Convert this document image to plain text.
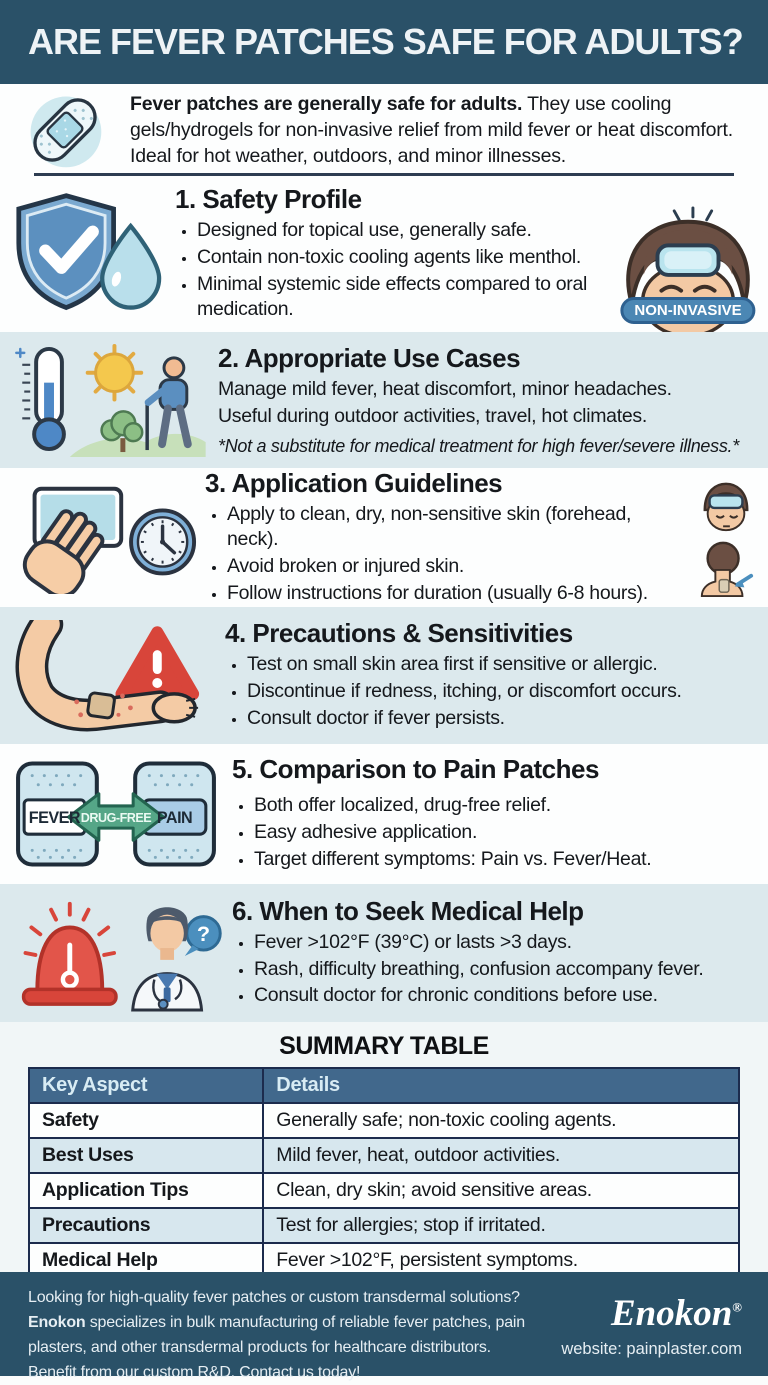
ARE FEVER PATCHES SAFE FOR ADULTS?
Fever patches are generally safe for adults. They use cooling gels/hydrogels for non-invasive relief from mild fever or heat discomfort. Ideal for hot weather, outdoors, and minor illnesses.
1. Safety Profile
• Designed for topical use, generally safe.
• Contain non-toxic cooling agents like menthol.
• Minimal systemic side effects compared to oral medication.	NON-INVASIVE
2. Appropriate Use Cases

Manage mild fever, heat discomfort, minor headaches.

Useful during outdoor activities, travel, hot climates.

*Not a substitute for medical treatment for high fever/severe illness.*

3. Application Guidelines
• Apply to clean, dry, non-sensitive skin (forehead, neck).
• Avoid broken or injured skin.
• Follow instructions for duration (usually 6-8 hours).
4. Precautions & Sensitivities
• Test on small skin area first if sensitive or allergic.
• Discontinue if redness, itching, or discomfort occurs.
• Consult doctor if fever persists.
FEVER DRUG-FREE PAIN
5. Comparison to Pain Patches
• Both offer localized, drug-free relief.
• Easy adhesive application.
• Target different symptoms: Pain vs. Fever/Heat.
?
6. When to Seek Medical Help
• Fever >102°F (39°C) or lasts >3 days.
• Rash, difficulty breathing, confusion accompany fever.
• Consult doctor for chronic conditions before use.
SUMMARY TABLE
Key Aspect	Details
Safety	Generally safe; non-toxic cooling agents.
Best Uses	Mild fever, heat, outdoor activities.
Application Tips	Clean, dry skin; avoid sensitive areas.
Precautions	Test for allergies; stop if irritated.
Medical Help	Fever >102°F, persistent symptoms.

Looking for high-quality fever patches or custom transdermal solutions?

Enokon specializes in bulk manufacturing of reliable fever patches, pain plasters, and other transdermal products for healthcare distributors.

Benefit from our custom R&D. Contact us today!

Enokon®
website: painplaster.com
